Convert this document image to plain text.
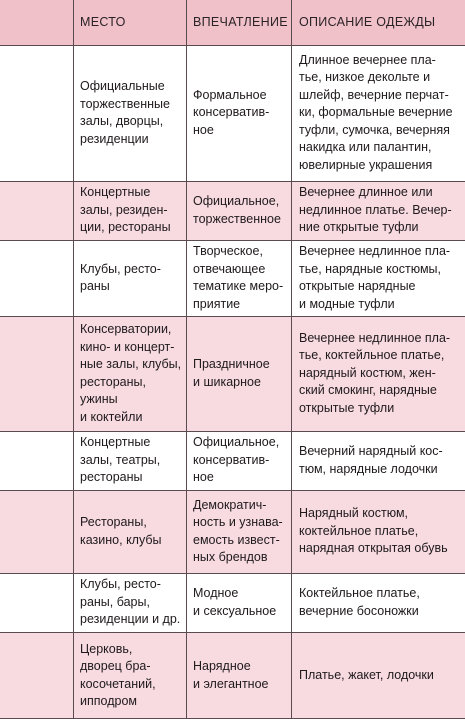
МЕСТО	ВПЕЧАТЛЕНИЕ ОПИСАНИЕ ОДЕЖДЫ
Официальные
торжественные
залы, дворцы,
резиденции
Формальное
консерватив-
ное
Длинное вечернее пла-
тье, низкое декольте и
шлейф, вечерние перчат-
ки, формальные вечерние
туфли, сумочка, вечерняя
накидка или палантин,
ювелирные украшения
Концертные
залы, резиден-
ции, рестораны
Официальное,
торжественное
Вечернее длинное или
недлинное платье. Вечер-
ние открытые туфли
Клубы, ресто-
раны
Творческое,
отвечающее
тематике меро-
приятие
Вечернее недлинное пла-
тье, нарядные костюмы,
открытые нарядные
и модные туфли
Консерватории,
кино- и концерт-
ные залы, клубы,
рестораны,
ужины
и коктейли
Праздничное
и шикарное
Вечернее недлинное пла-
тье, коктейльное платье,
нарядный костюм, жен-
ский смокинг, нарядные
открытые туфли
Концертные
залы, театры,
рестораны
Официальное,
консерватив-
ное
Вечерний нарядный кос-
тюм, нарядные лодочки
Рестораны,
казино, клубы
Демократич-
ность и узнава-
емость извест-
ных брендов
Нарядный костюм,
коктейльное платье,
нарядная открытая обувь
Клубы, ресто-
раны, бары,
резиденции и др.
Модное
и сексуальное
Коктейльное платье,
вечерние босоножки
Церковь,
дворец бра-
косочетаний,
ипподром
Нарядное
и элегантное
Платье, жакет, лодочки
